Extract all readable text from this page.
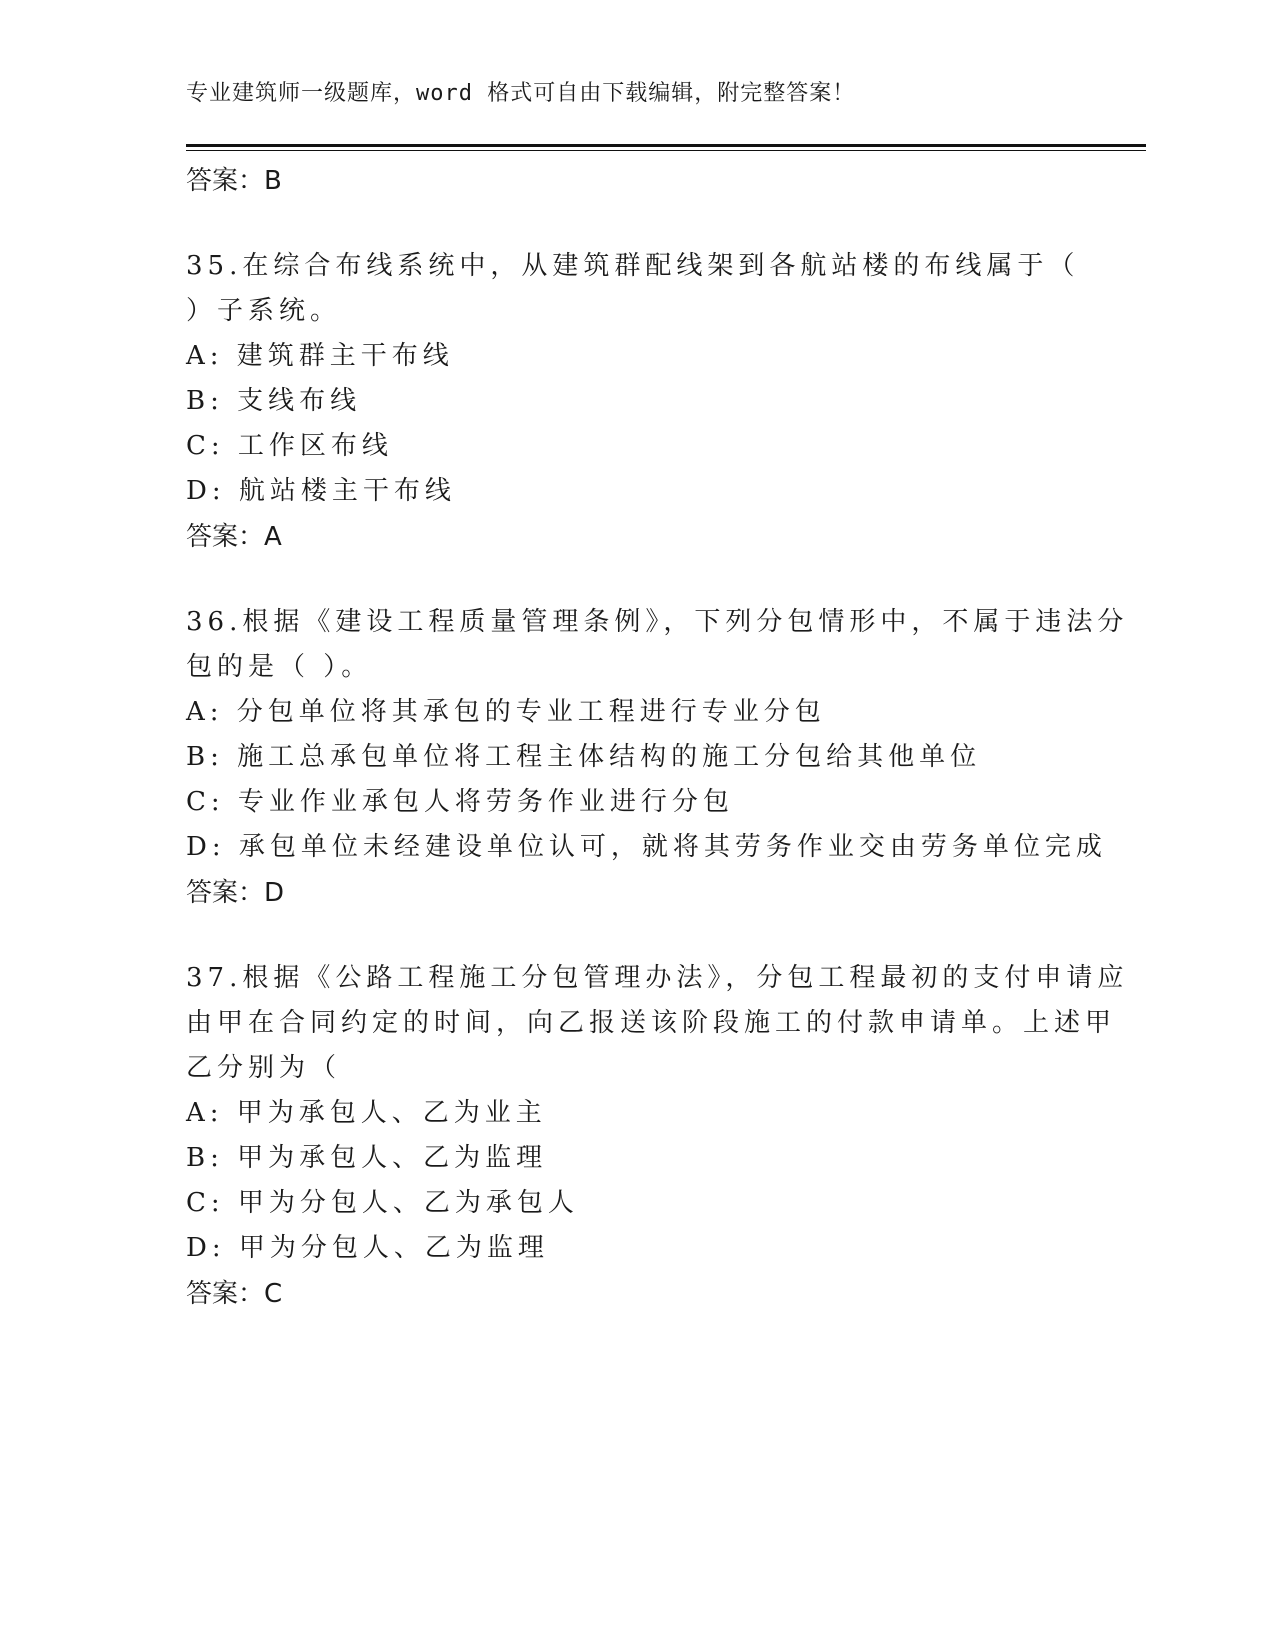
专业建筑师一级题库，word 格式可自由下载编辑，附完整答案！
答案：B
35.在综合布线系统中，从建筑群配线架到各航站楼的布线属于（
）子系统。
A: 建筑群主干布线
B: 支线布线
C: 工作区布线
D: 航站楼主干布线
答案：A
36.根据《建设工程质量管理条例》，下列分包情形中，不属于违法分
包的是（ ）。
A: 分包单位将其承包的专业工程进行专业分包
B: 施工总承包单位将工程主体结构的施工分包给其他单位
C: 专业作业承包人将劳务作业进行分包
D: 承包单位未经建设单位认可，就将其劳务作业交由劳务单位完成
答案：D
37.根据《公路工程施工分包管理办法》，分包工程最初的支付申请应
由甲在合同约定的时间，向乙报送该阶段施工的付款申请单。上述甲
乙分别为（
A: 甲为承包人、乙为业主
B: 甲为承包人、乙为监理
C: 甲为分包人、乙为承包人
D: 甲为分包人、乙为监理
答案：C
